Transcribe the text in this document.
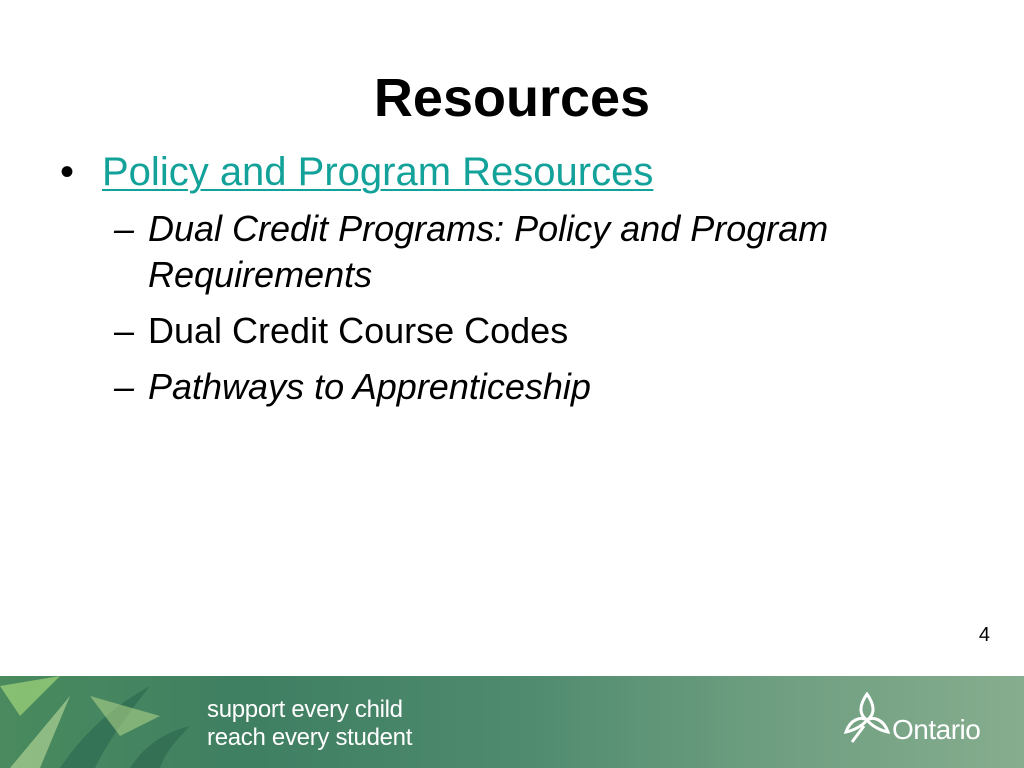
Resources
• Policy and Program Resources
– Dual Credit Programs: Policy and Program Requirements
– Dual Credit Course Codes
– Pathways to Apprenticeship
4
support every child
reach every student	Ontario
